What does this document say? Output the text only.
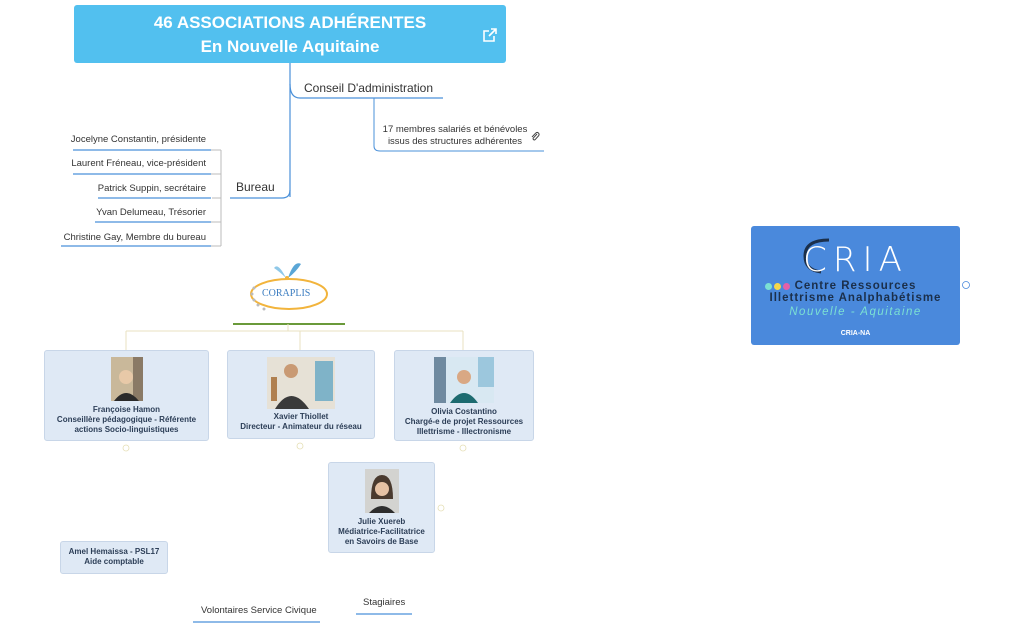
46 ASSOCIATIONS ADHÉRENTES
En Nouvelle Aquitaine
Conseil D'administration
17 membres salariés et bénévoles
issus des structures adhérentes
Bureau
Jocelyne Constantin, présidente
Laurent Fréneau, vice-président
Patrick Suppin, secrétaire
Yvan Delumeau, Trésorier
Christine Gay, Membre du bureau
CORAPLIS
Françoise Hamon
Conseillère pédagogique - Référente
actions Socio-linguistiques
Xavier Thiollet
Directeur - Animateur du réseau
Olivia Costantino
Chargé-e de projet Ressources
Illettrisme - Illectronisme
Julie Xuereb
Médiatrice-Facilitatrice
en Savoirs de Base
Amel Hemaissa - PSL17
Aide comptable
Volontaires Service Civique
Stagiaires
CRIA
Centre Ressources
Illettrisme Analphabétisme
Nouvelle - Aquitaine
CRIA-NA
